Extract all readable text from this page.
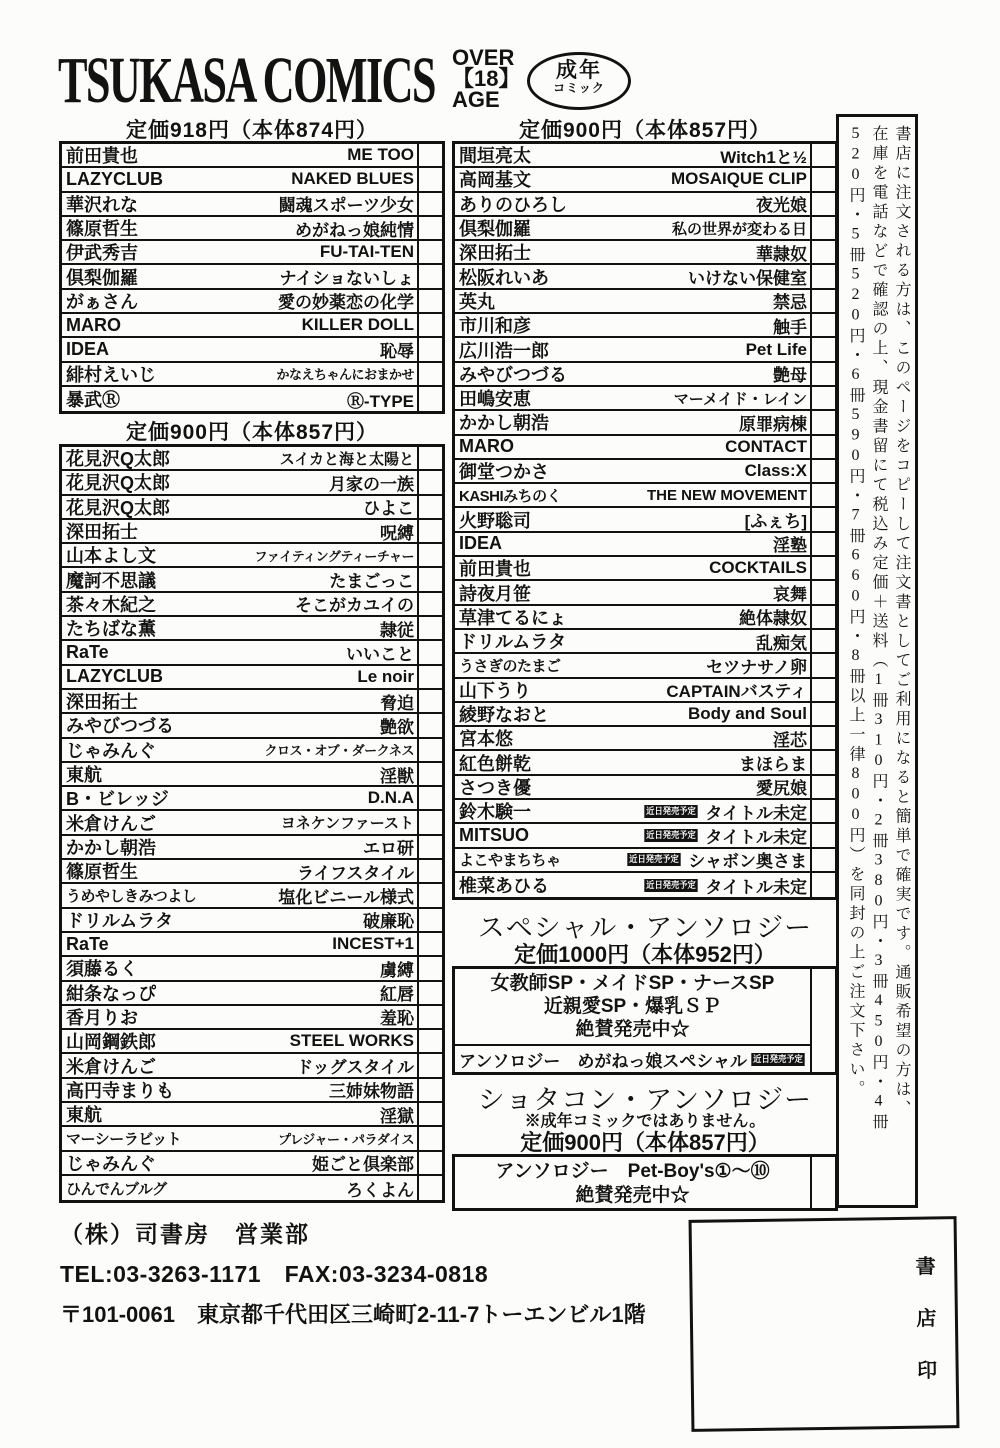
TSUKASA COMICS OVER
【18】
AGE
成年
コミック
定価918円（本体874円）
前田貴也	ME TOO
LAZYCLUB	NAKED BLUES
華沢れな	闘魂スポーツ少女
篠原哲生	めがねっ娘純情
伊武秀吉	FU-TAI-TEN
倶梨伽羅	ナイショないしょ
がぁさん	愛の妙薬恋の化学
MARO	KILLER DOLL
IDEA	恥辱
緋村えいじ	かなえちゃんにおまかせ
暴武Ⓡ	Ⓡ-TYPE
定価900円（本体857円）
花見沢Q太郎	スイカと海と太陽と
花見沢Q太郎	月家の一族
花見沢Q太郎	ひよこ
深田拓士	呪縛
山本よし文	ファイティングティーチャー
魔訶不思議	たまごっこ
茶々木紀之	そこがカユイの
たちばな薫	隷従
RaTe	いいこと
LAZYCLUB	Le noir
深田拓士	脅迫
みやびつづる	艶欲
じゃみんぐ	クロス・オブ・ダークネス
東航	淫獣
B・ビレッジ	D.N.A
米倉けんご	ヨネケンファースト
かかし朝浩	エロ研
篠原哲生	ライフスタイル
うめやしきみつよし	塩化ビニール様式
ドリルムラタ	破廉恥
RaTe	INCEST+1
須藤るく	虜縛
紺条なっぴ	紅唇
香月りお	羞恥
山岡鋼鉄郎	STEEL WORKS
米倉けんご	ドッグスタイル
高円寺まりも	三姉妹物語
東航	淫獄
マーシーラビット	プレジャー・パラダイス
じゃみんぐ	姫ごと倶楽部
ひんでんブルグ	ろくよん
定価900円（本体857円）
間垣亮太	Witch1と½
高岡基文	MOSAIQUE CLIP
ありのひろし	夜光娘
倶梨伽羅	私の世界が変わる日
深田拓士	華隷奴
松阪れいあ	いけない保健室
英丸	禁忌
市川和彦	触手
広川浩一郎	Pet Life
みやびつづる	艶母
田嶋安恵	マーメイド・レイン
かかし朝浩	原罪病棟
MARO	CONTACT
御堂つかさ	Class:X
KASHIみちのく	THE NEW MOVEMENT
火野聡司	[ふぇち]
IDEA	淫塾
前田貴也	COCKTAILS
詩夜月笹	哀舞
草津てるにょ	絶体隷奴
ドリルムラタ	乱痴気
うさぎのたまご	セツナサノ卵
山下うり	CAPTAINバスティ
綾野なおと	Body and Soul
宮本悠	淫芯
紅色餅乾	まほらま
さつき優	愛尻娘
鈴木験一	近日発売予定 タイトル未定
MITSUO	近日発売予定 タイトル未定
よこやまちちゃ	近日発売予定 シャボン奥さま
椎菜あひる	近日発売予定 タイトル未定
スペシャル・アンソロジー
定価1000円（本体952円）
女教師SP・メイドSP・ナースSP
近親愛SP・爆乳ＳＰ
絶賛発売中☆
アンソロジー　めがねっ娘スペシャル 近日発売予定
ショタコン・アンソロジー
※成年コミックではありません。
定価900円（本体857円）
アンソロジー　Pet-Boy's①〜⑩
絶賛発売中☆

書店に注文される方は、このページをコピーして注文書としてご利用になると簡単で確実です。通販希望の方は、

在庫を電話などで確認の上、現金書留にて税込み定価＋送料（1冊310円・2冊380円・3冊450円・4冊

520円・5冊520円・6冊590円・7冊660円・8冊以上一律800円）を同封の上ご注文下さい。

（株）司書房　営業部
TEL:03-3263-1171　FAX:03-3234-0818
〒101-0061　東京都千代田区三崎町2-11-7トーエンビル1階	書店印
